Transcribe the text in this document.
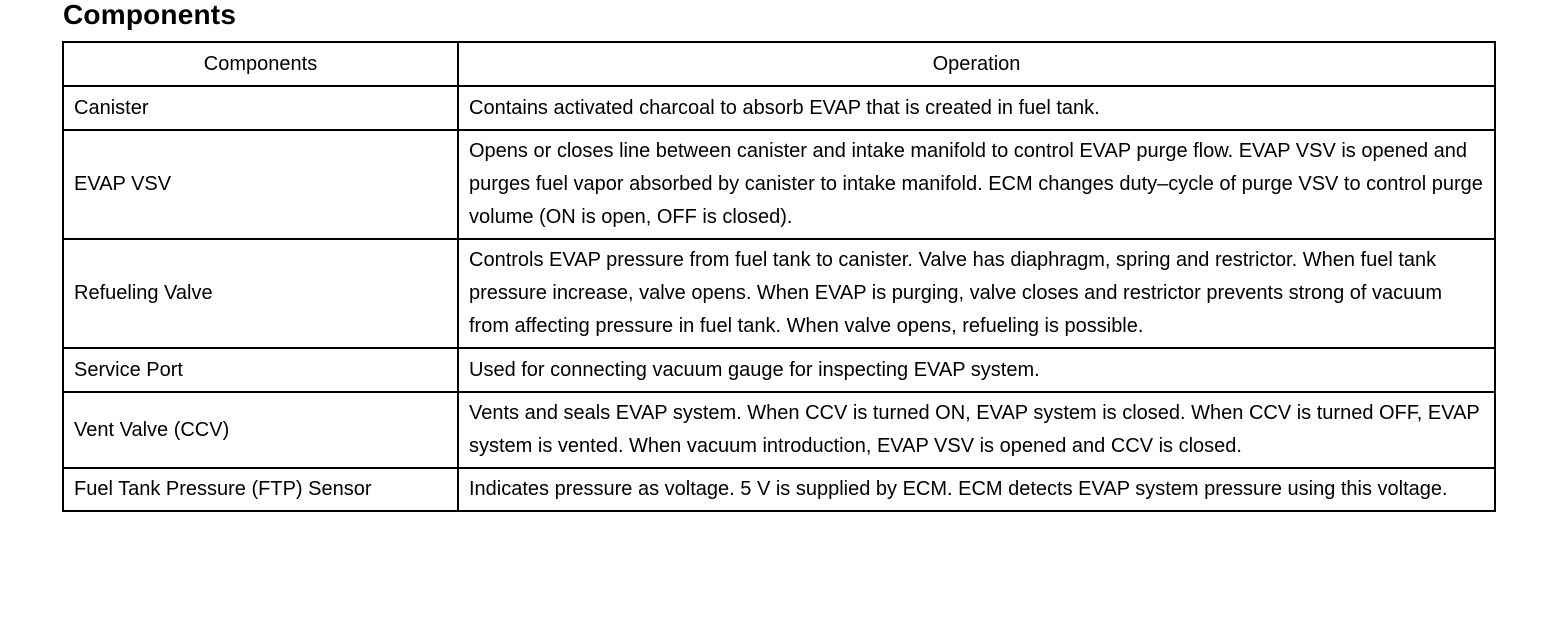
Components
Components	Operation
Canister	Contains activated charcoal to absorb EVAP that is created in fuel tank.
EVAP VSV	Opens or closes line between canister and intake manifold to control EVAP purge flow. EVAP VSV is opened and purges fuel vapor absorbed by canister to intake manifold. ECM changes duty–cycle of purge VSV to control purge volume (ON is open, OFF is closed).
Refueling Valve	Controls EVAP pressure from fuel tank to canister. Valve has diaphragm, spring and restrictor. When fuel tank pressure increase, valve opens. When EVAP is purging, valve closes and restrictor prevents strong of vacuum from affecting pressure in fuel tank. When valve opens, refueling is possible.
Service Port	Used for connecting vacuum gauge for inspecting EVAP system.
Vent Valve (CCV)	Vents and seals EVAP system. When CCV is turned ON, EVAP system is closed. When CCV is turned OFF, EVAP system is vented. When vacuum introduction, EVAP VSV is opened and CCV is closed.
Fuel Tank Pressure (FTP) Sensor	Indicates pressure as voltage. 5 V is supplied by ECM. ECM detects EVAP system pressure using this voltage.
